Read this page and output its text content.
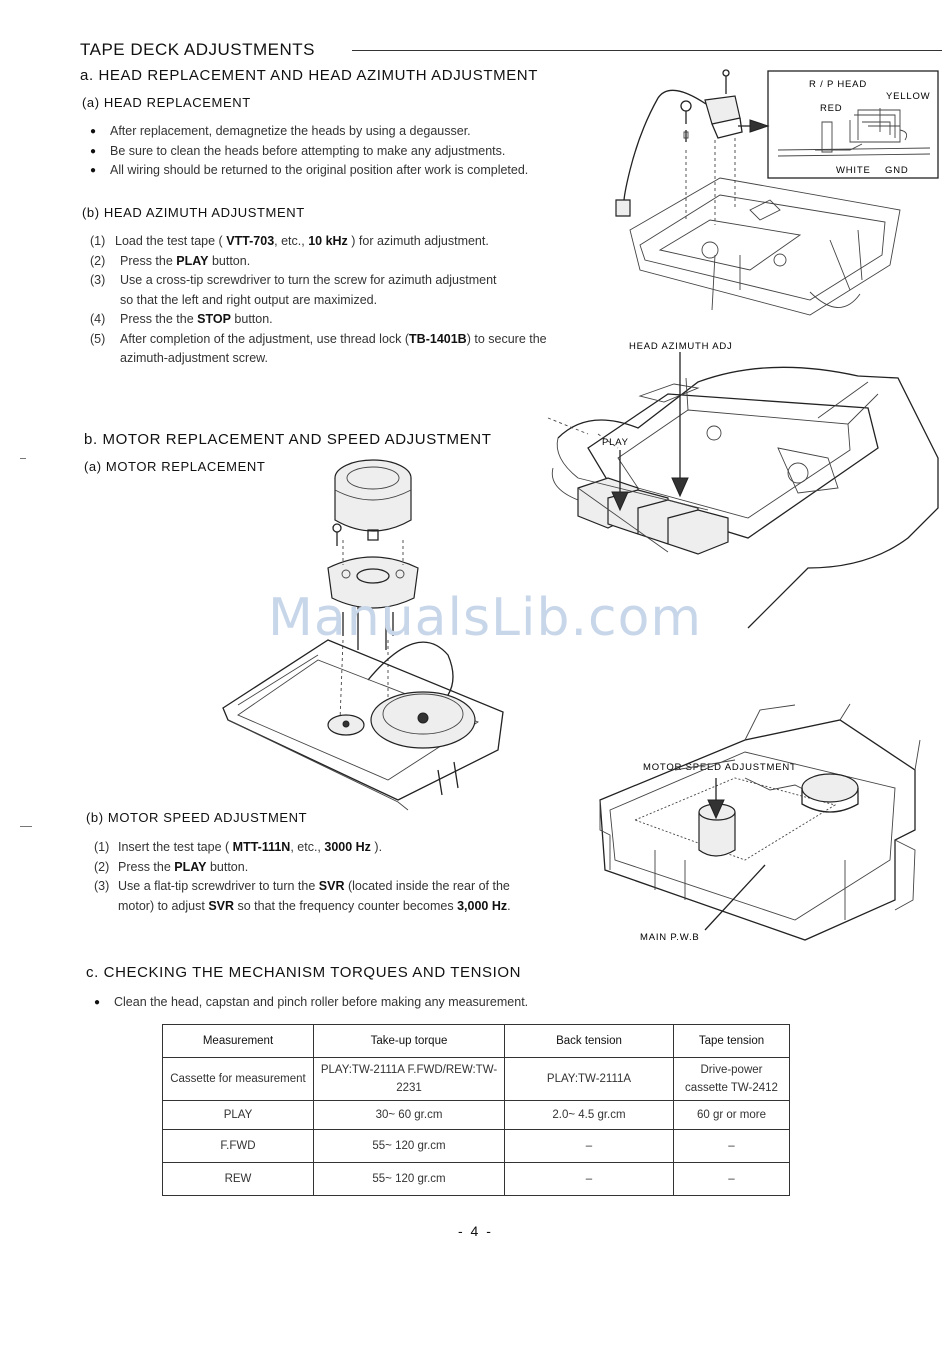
TAPE DECK ADJUSTMENTS
a. HEAD REPLACEMENT AND HEAD AZIMUTH ADJUSTMENT
(a) HEAD REPLACEMENT
● After replacement, demagnetize the heads by using a degausser.
● Be sure to clean the heads before attempting to make any adjustments.
● All wiring should be returned to the original position after work is completed.
(b) HEAD AZIMUTH ADJUSTMENT
(1) Load the test tape ( VTT-703, etc., 10 kHz ) for azimuth adjustment.
(2) Press the PLAY button.
(3) Use a cross-tip screwdriver to turn the screw for azimuth adjustment so that the left and right output are maximized.
(4) Press the the STOP button.
(5) After completion of the adjustment, use thread lock (TB-1401B) to secure the azimuth-adjustment screw.
b. MOTOR REPLACEMENT AND SPEED ADJUSTMENT
(a) MOTOR REPLACEMENT
(b) MOTOR SPEED ADJUSTMENT
(1) Insert the test tape ( MTT-111N, etc., 3000 Hz ).
(2) Press the PLAY button.
(3) Use a flat-tip screwdriver to turn the SVR (located inside the rear of the motor) to adjust SVR so that the frequency counter becomes 3,000 Hz.
c. CHECKING THE MECHANISM TORQUES AND TENSION
● Clean the head, capstan and pinch roller before making any measurement.
Measurement	Take-up torque	Back tension	Tape tension
Cassette for measurement	PLAY:TW-2111A F.FWD/REW:TW-2231	PLAY:TW-2111A	Drive-power cassette TW-2412
PLAY	30~ 60 gr.cm	2.0~ 4.5 gr.cm	60 gr or more
F.FWD	55~ 120 gr.cm	–	–
REW	55~ 120 gr.cm	–	–
- 4 -
R / P HEAD
YELLOW
RED
WHITE GND
HEAD AZIMUTH ADJ
PLAY
MOTOR SPEED ADJUSTMENT
MAIN P.W.B
ManualsLib.com
